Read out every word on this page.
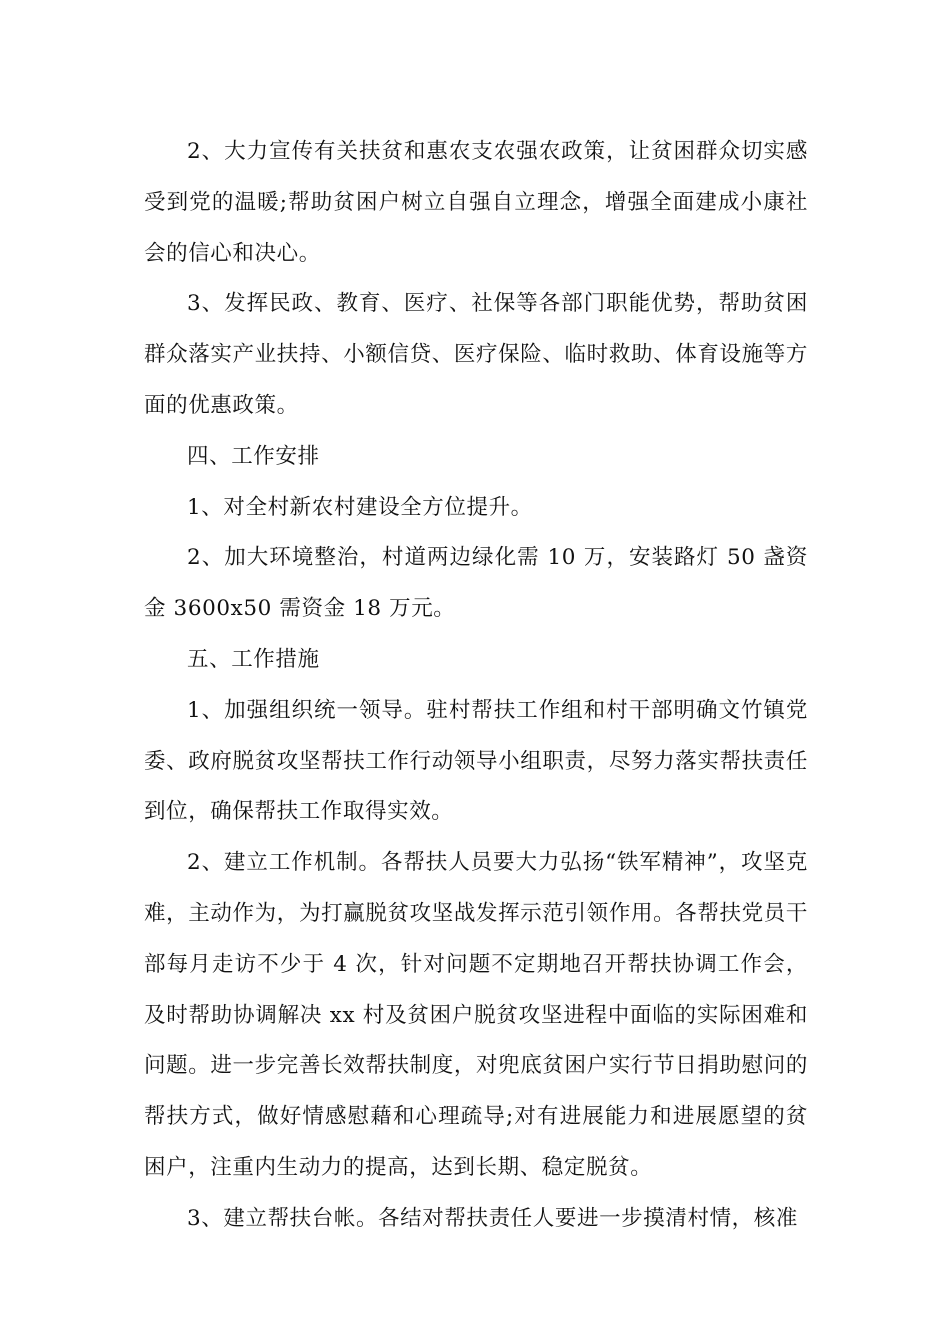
2、大力宣传有关扶贫和惠农支农强农政策，让贫困群众切实感受到党的温暖;帮助贫困户树立自强自立理念，增强全面建成小康社会的信心和决心。

3、发挥民政、教育、医疗、社保等各部门职能优势，帮助贫困群众落实产业扶持、小额信贷、医疗保险、临时救助、体育设施等方面的优惠政策。

四、工作安排

1、对全村新农村建设全方位提升。

2、加大环境整治，村道两边绿化需 10 万，安装路灯 50 盏资金 3600x50 需资金 18 万元。

五、工作措施

1、加强组织统一领导。驻村帮扶工作组和村干部明确文竹镇党委、政府脱贫攻坚帮扶工作行动领导小组职责，尽努力落实帮扶责任到位，确保帮扶工作取得实效。

2、建立工作机制。各帮扶人员要大力弘扬“铁军精神”，攻坚克难，主动作为，为打赢脱贫攻坚战发挥示范引领作用。各帮扶党员干部每月走访不少于 4 次，针对问题不定期地召开帮扶协调工作会，及时帮助协调解决 xx 村及贫困户脱贫攻坚进程中面临的实际困难和问题。进一步完善长效帮扶制度，对兜底贫困户实行节日捐助慰问的帮扶方式，做好情感慰藉和心理疏导;对有进展能力和进展愿望的贫困户，注重内生动力的提高，达到长期、稳定脱贫。

3、建立帮扶台帐。各结对帮扶责任人要进一步摸清村情，核准
